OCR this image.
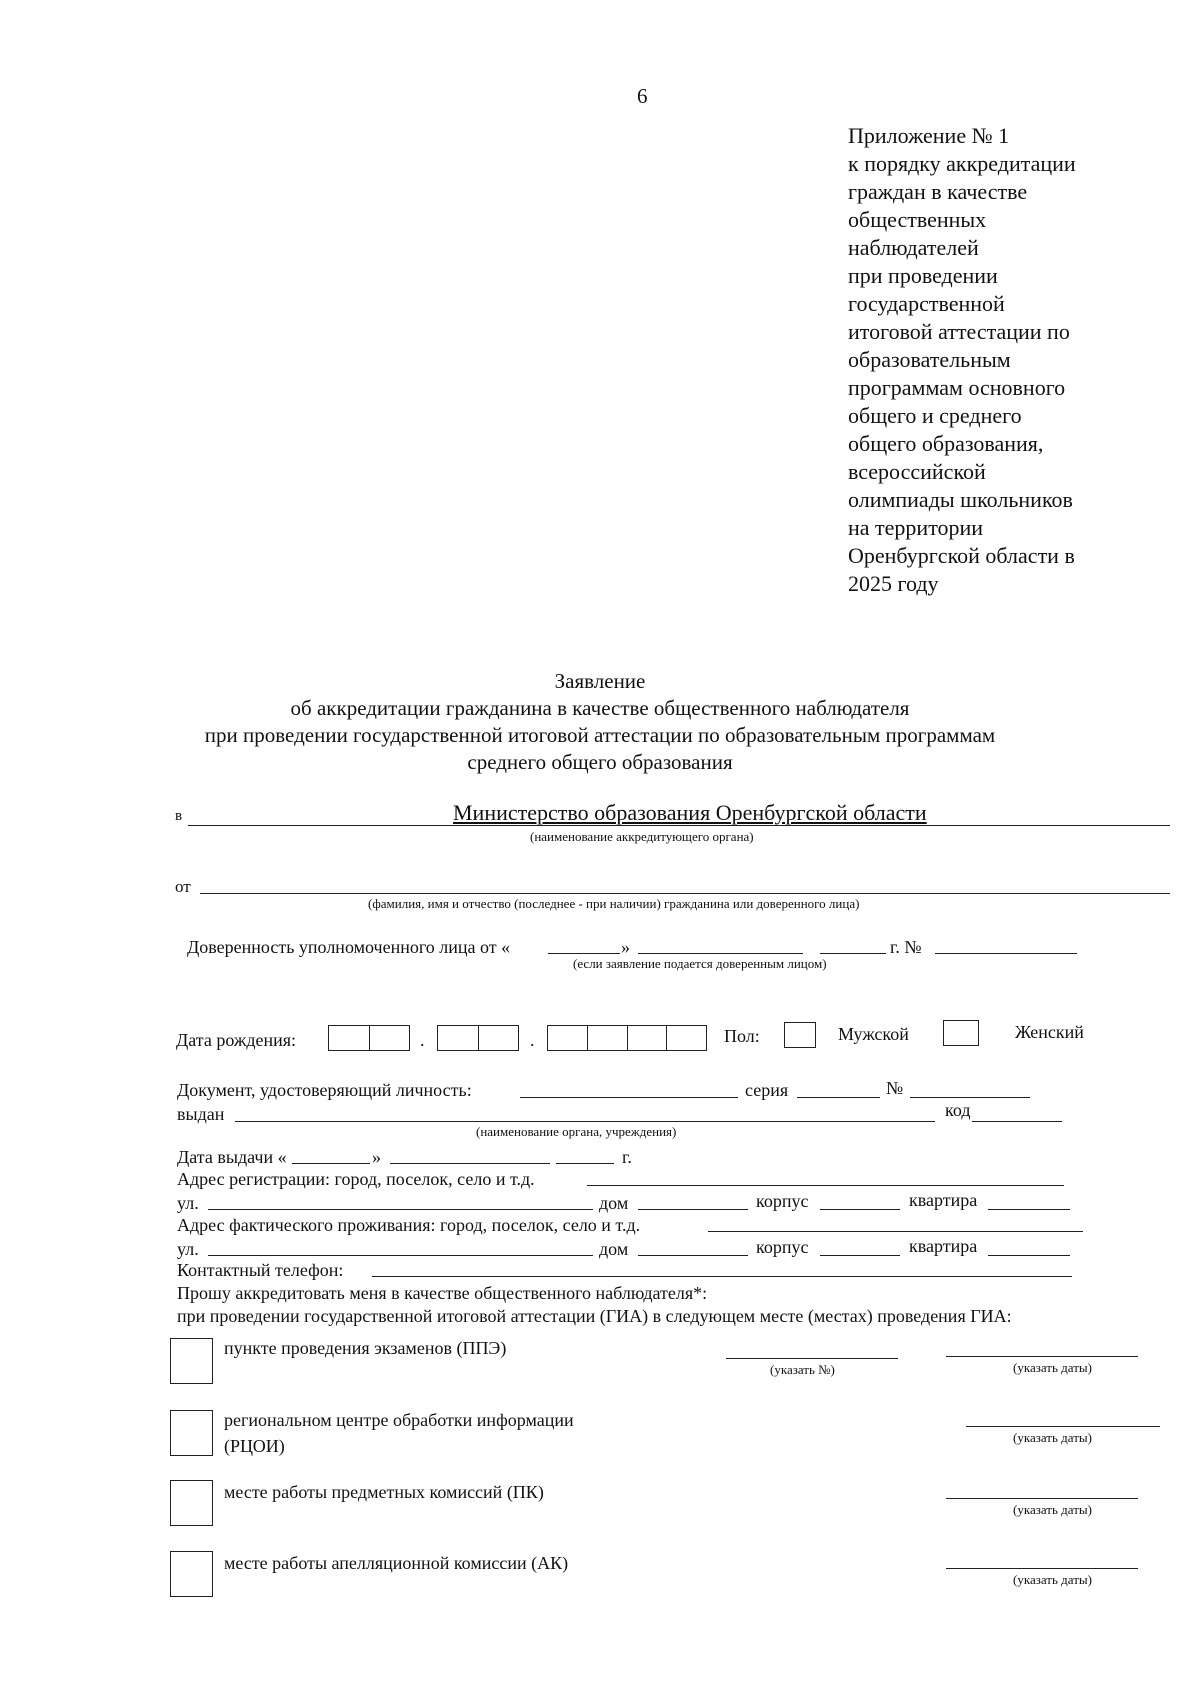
6
Приложение № 1
к порядку аккредитации
граждан в качестве
общественных
наблюдателей
при проведении
государственной
итоговой аттестации по
образовательным
программам основного
общего и среднего
общего образования,
всероссийской
олимпиады школьников
на территории
Оренбургской области в
2025 году
Заявление
об аккредитации гражданина в качестве общественного наблюдателя
при проведении государственной итоговой аттестации по образовательным программам
среднего общего образования
в	Министерство образования Оренбургской области
(наименование аккредитующего органа)
от
(фамилия, имя и отчество (последнее - при наличии) гражданина или доверенного лица)
Доверенность уполномоченного лица от «	»	г. №
(если заявление подается доверенным лицом)
Дата рождения:	.	.	Пол:	Мужской	Женский
Документ, удостоверяющий личность:	серия	№
выдан	код
(наименование органа, учреждения)
Дата выдачи «	»	г.
Адрес регистрации: город, поселок, село и т.д.
ул.	дом	корпус	квартира
Адрес фактического проживания: город, поселок, село и т.д.
ул.	дом	корпус	квартира
Контактный телефон:
Прошу аккредитовать меня в качестве общественного наблюдателя*:
при проведении государственной итоговой аттестации (ГИА) в следующем месте (местах) проведения ГИА:
пункте проведения экзаменов (ППЭ)
(указать №)	(указать даты)
региональном центре обработки информации
(РЦОИ)	(указать даты)
месте работы предметных комиссий (ПК)
(указать даты)
месте работы апелляционной комиссии (АК)
(указать даты)
